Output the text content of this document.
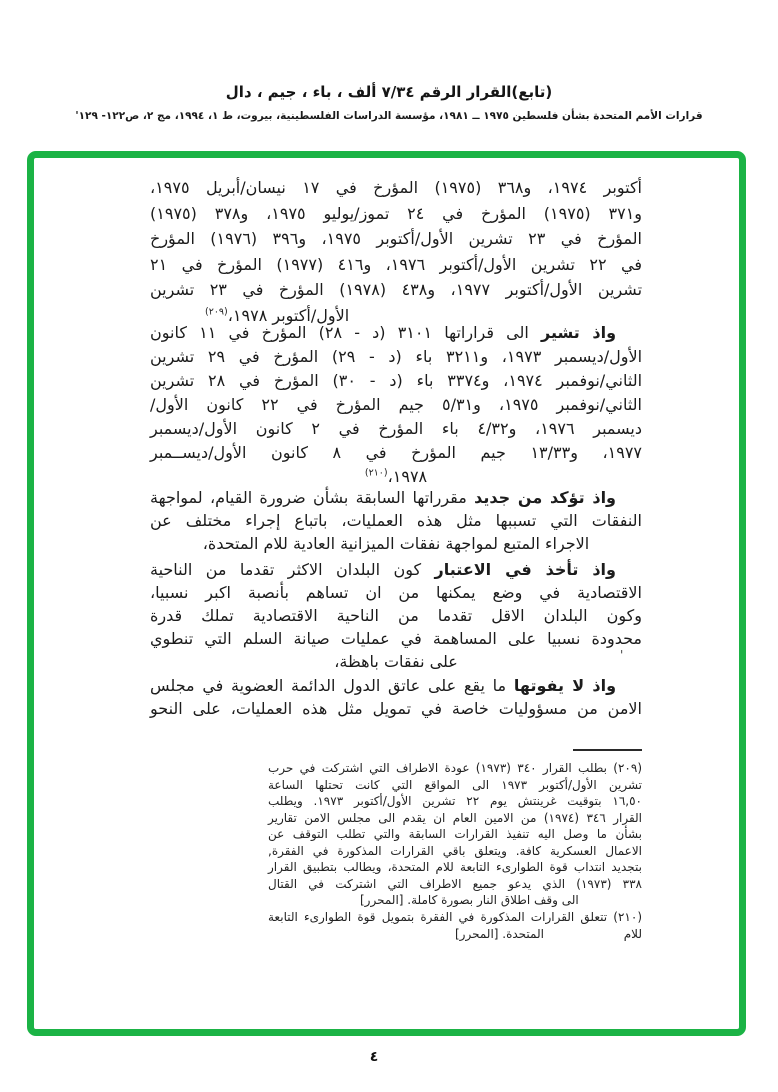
(تابع)القرار الرقم ٧/٣٤ ألف ، باء ، جيم ، دال
قرارات الأمم المتحدة بشأن فلسطين ١٩٧٥ ــ ١٩٨١، مؤسسة الدراسات الفلسطينية، بيروت، ط ١، ١٩٩٤، مج ٢، ص١٢٢- ١٢٩'
'
٤
أكتوبر ١٩٧٤، و٣٦٨ (١٩٧٥) المؤرخ في ١٧ نيسان/أبريل ١٩٧٥،
و٣٧١ (١٩٧٥) المؤرخ في ٢٤ تموز/يوليو ١٩٧٥، و٣٧٨ (١٩٧٥)
المؤرخ في ٢٣ تشرين الأول/أكتوبر ١٩٧٥، و٣٩٦ (١٩٧٦) المؤرخ
في ٢٢ تشرين الأول/أكتوبر ١٩٧٦، و٤١٦ (١٩٧٧) المؤرخ في ٢١
تشرين الأول/أكتوبر ١٩٧٧، و٤٣٨ (١٩٧٨) المؤرخ في ٢٣ تشرين
الأول/أكتوبر ١٩٧٨،$^{(٢٠٩)}$
واذ تشير الى قراراتها ٣١٠١ (د - ٢٨) المؤرخ في ١١ كانون
الأول/ديسمبر ١٩٧٣، و٣٢١١ باء (د - ٢٩) المؤرخ في ٢٩ تشرين
الثاني/نوفمبر ١٩٧٤، و٣٣٧٤ باء (د - ٣٠) المؤرخ في ٢٨ تشرين
الثاني/نوفمبر ١٩٧٥، و٥/٣١ جيم المؤرخ في ٢٢ كانون الأول/
ديسمبر ١٩٧٦، و٤/٣٢ باء المؤرخ في ٢ كانون الأول/ديسمبر
١٩٧٧، و١٣/٣٣ جيم المؤرخ في ٨ كانون الأول/ديســمبر
١٩٧٨،$^{(٢١٠)}$
واذ تؤكد من جديد مقرراتها السابقة بشأن ضرورة القيام، لمواجهة
النفقات التي تسببها مثل هذه العمليات، باتباع إجراء مختلف عن
الاجراء المتبع لمواجهة نفقات الميزانية العادية للام المتحدة،
واذ تأخذ في الاعتبار كون البلدان الاكثر تقدما من الناحية
الاقتصادية في وضع يمكنها من ان تساهم بأنصبة اكبر نسبيا،
وكون البلدان الاقل تقدما من الناحية الاقتصادية تملك قدرة
محدودة نسبيا على المساهمة في عمليات صيانة السلم التي تنطوي
على نفقات باهظة،
واذ لا يفوتها ما يقع على عاتق الدول الدائمة العضوية في مجلس
الامن من مسؤوليات خاصة في تمويل مثل هذه العمليات، على النحو
(٢٠٩) بطلب القرار ٣٤٠ (١٩٧٣) عودة الاطراف التي اشتركت في حرب
تشرين الأول/أكتوبر ١٩٧٣ الى المواقع التي كانت تحتلها الساعة
١٦,٥٠ بتوقيت غرينتش يوم ٢٢ تشرين الأول/أكتوبر ١٩٧٣. ويطلب
القرار ٣٤٦ (١٩٧٤) من الامين العام ان يقدم الى مجلس الامن تقارير
بشأن ما وصل اليه تنفيذ القرارات السابقة والتي تطلب التوقف عن
الاعمال العسكرية كافة. ويتعلق باقي القرارات المذكورة في الفقرة,
بتجديد انتداب قوة الطوارىء التابعة للام المتحدة، ويطالب بتطبيق القرار
٣٣٨ (١٩٧٣) الذي يدعو جميع الاطراف التي اشتركت في القتال
الى وقف اطلاق النار بصورة كاملة. [المحرر]
(٢١٠) تتعلق القرارات المذكورة في الفقرة بتمويل قوة الطوارىء التابعة للام
المتحدة. [المحرر]
